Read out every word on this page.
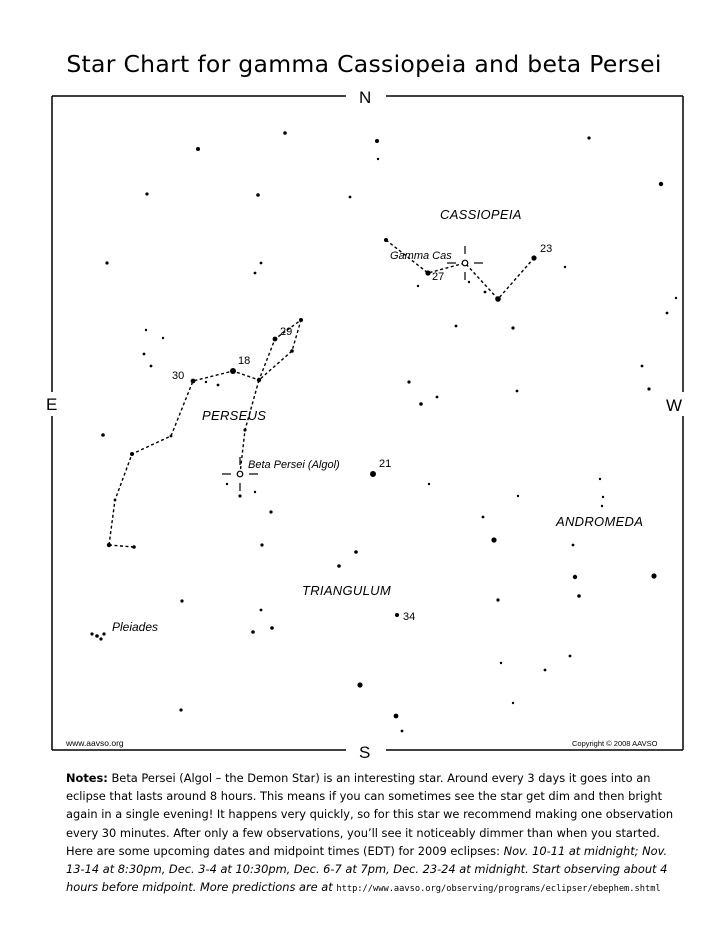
Star Chart for gamma Cassiopeia and beta Persei
N
S
E	W
CASSIOPEIA
PERSEUS
ANDROMEDA
TRIANGULUM
Pleiades
Gamma Cas
Beta Persei (Algol)
23
27
29
18
30
21
34
www.aavso.org	Copyright © 2008 AAVSO
Notes: Beta Persei (Algol – the Demon Star) is an interesting star. Around every 3 days it goes into an eclipse that lasts around 8 hours. This means if you can sometimes see the star get dim and then bright again in a single evening! It happens very quickly, so for this star we recommend making one observation every 30 minutes. After only a few observations, you’ll see it noticeably dimmer than when you started. Here are some upcoming dates and midpoint times (EDT) for 2009 eclipses: Nov. 10-11 at midnight; Nov. 13-14 at 8:30pm, Dec. 3-4 at 10:30pm, Dec. 6-7 at 7pm, Dec. 23-24 at midnight. Start observing about 4 hours before midpoint. More predictions are at http://www.aavso.org/observing/programs/eclipser/ebephem.shtml
